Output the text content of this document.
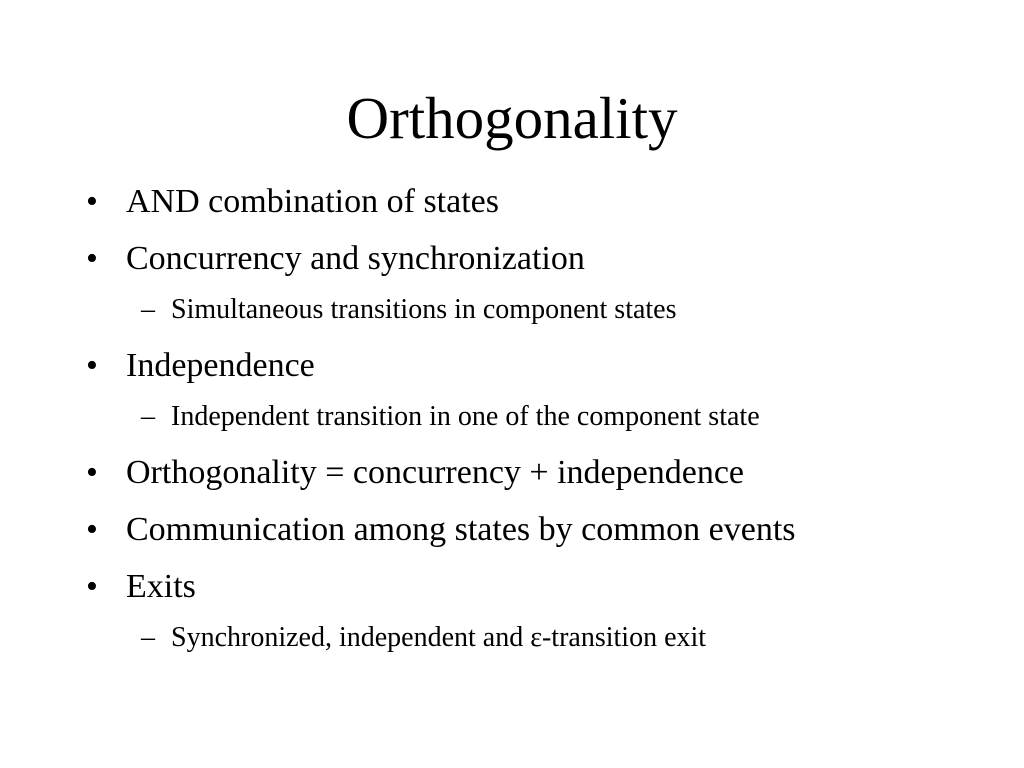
Orthogonality
• AND combination of states
• Concurrency and synchronization
– Simultaneous transitions in component states
• Independence
– Independent transition in one of the component state
• Orthogonality = concurrency + independence
• Communication among states by common events
• Exits
– Synchronized, independent and ε-transition exit
